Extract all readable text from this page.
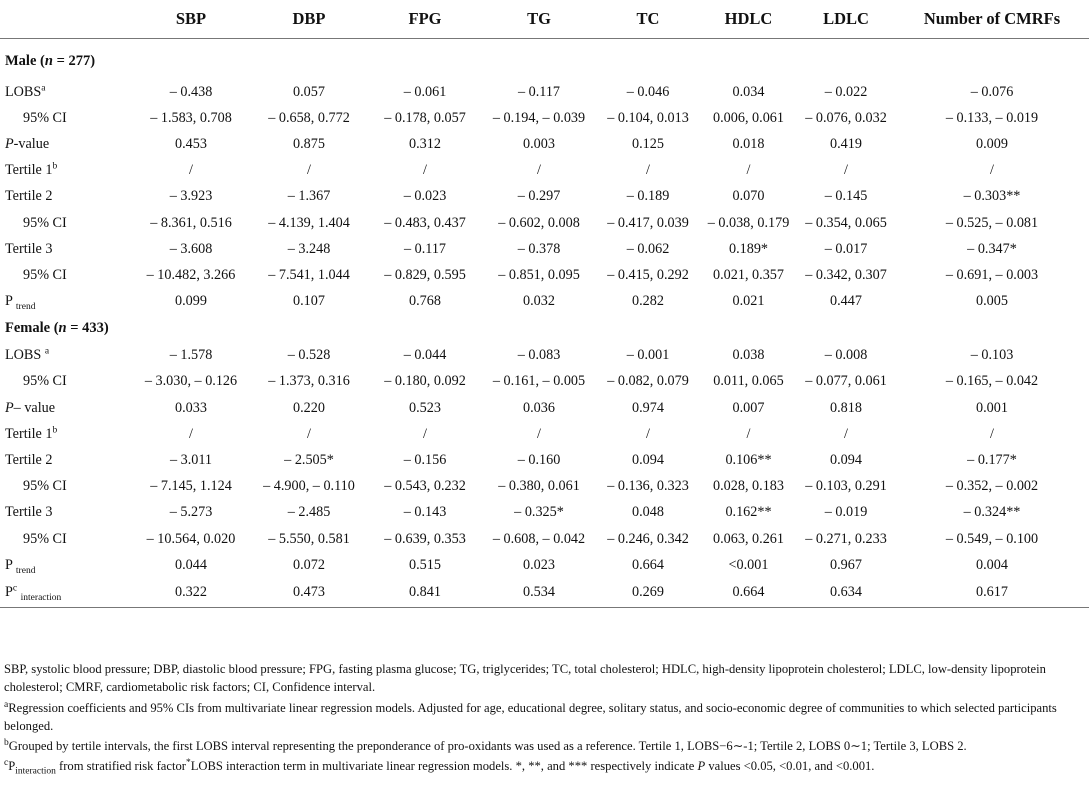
	SBP	DBP	FPG	TG	TC	HDLC	LDLC	Number of CMRFs
Male (n = 277)								
LOBS$^a$	– 0.438	0.057	– 0.061	– 0.117	– 0.046	0.034	– 0.022	– 0.076
95% CI	– 1.583, 0.708	– 0.658, 0.772	– 0.178, 0.057	– 0.194, – 0.039	– 0.104, 0.013	0.006, 0.061	– 0.076, 0.032	– 0.133, – 0.019
P-value	0.453	0.875	0.312	0.003	0.125	0.018	0.419	0.009
Tertile 1$^b$	/	/	/	/	/	/	/	/
Tertile 2	– 3.923	– 1.367	– 0.023	– 0.297	– 0.189	0.070	– 0.145	– 0.303**
95% CI	– 8.361, 0.516	– 4.139, 1.404	– 0.483, 0.437	– 0.602, 0.008	– 0.417, 0.039	– 0.038, 0.179	– 0.354, 0.065	– 0.525, – 0.081
Tertile 3	– 3.608	– 3.248	– 0.117	– 0.378	– 0.062	0.189*	– 0.017	– 0.347*
95% CI	– 10.482, 3.266	– 7.541, 1.044	– 0.829, 0.595	– 0.851, 0.095	– 0.415, 0.292	0.021, 0.357	– 0.342, 0.307	– 0.691, – 0.003
P $_{trend}$	0.099	0.107	0.768	0.032	0.282	0.021	0.447	0.005
Female (n = 433)								
LOBS $^a$	– 1.578	– 0.528	– 0.044	– 0.083	– 0.001	0.038	– 0.008	– 0.103
95% CI	– 3.030, – 0.126	– 1.373, 0.316	– 0.180, 0.092	– 0.161, – 0.005	– 0.082, 0.079	0.011, 0.065	– 0.077, 0.061	– 0.165, – 0.042
P– value	0.033	0.220	0.523	0.036	0.974	0.007	0.818	0.001
Tertile 1$^b$	/	/	/	/	/	/	/	/
Tertile 2	– 3.011	– 2.505*	– 0.156	– 0.160	0.094	0.106**	0.094	– 0.177*
95% CI	– 7.145, 1.124	– 4.900, – 0.110	– 0.543, 0.232	– 0.380, 0.061	– 0.136, 0.323	0.028, 0.183	– 0.103, 0.291	– 0.352, – 0.002
Tertile 3	– 5.273	– 2.485	– 0.143	– 0.325*	0.048	0.162**	– 0.019	– 0.324**
95% CI	– 10.564, 0.020	– 5.550, 0.581	– 0.639, 0.353	– 0.608, – 0.042	– 0.246, 0.342	0.063, 0.261	– 0.271, 0.233	– 0.549, – 0.100
P $_{trend}$	0.044	0.072	0.515	0.023	0.664	<0.001	0.967	0.004
$P^c$ $_{interaction}$	0.322	0.473	0.841	0.534	0.269	0.664	0.634	0.617

SBP, systolic blood pressure; DBP, diastolic blood pressure; FPG, fasting plasma glucose; TG, triglycerides; TC, total cholesterol; HDLC, high-density lipoprotein cholesterol; LDLC, low-density lipoprotein cholesterol; CMRF, cardiometabolic risk factors; CI, Confidence interval.

$^a$Regression coefficients and 95% CIs from multivariate linear regression models. Adjusted for age, educational degree, solitary status, and socio-economic degree of communities to which selected participants belonged.

$^b$Grouped by tertile intervals, the first LOBS interval representing the preponderance of pro-oxidants was used as a reference. Tertile 1, LOBS−6∼-1; Tertile 2, LOBS 0∼1; Tertile 3, LOBS 2.

$^cP_{interaction}$ from stratified risk factor*LOBS interaction term in multivariate linear regression models. *, **, and *** respectively indicate P values <0.05, <0.01, and <0.001.
